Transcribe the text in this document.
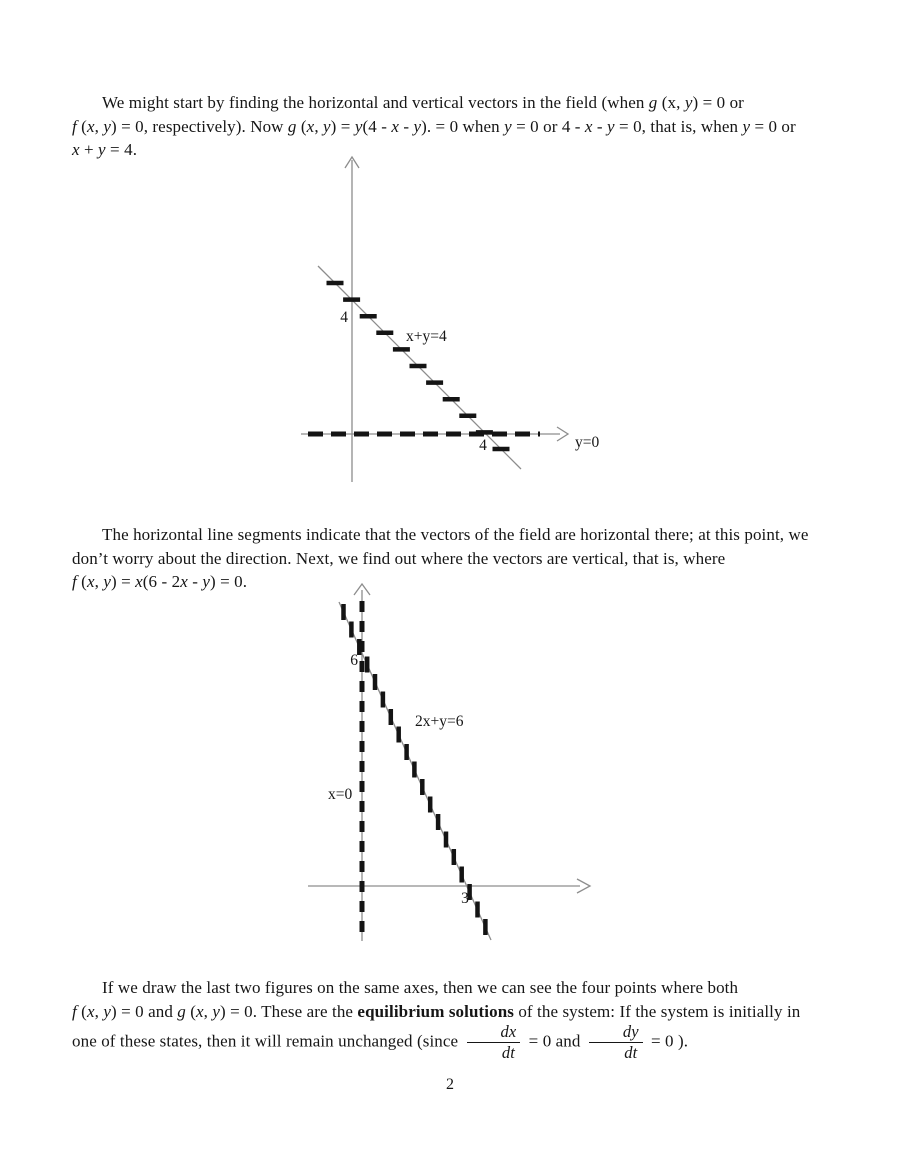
We might start by finding the horizontal and vertical vectors in the field (when g (x, y) = 0 or
f (x, y) = 0, respectively). Now g (x, y) = y(4 - x - y). = 0 when y = 0 or 4 - x - y = 0, that is, when y = 0 or
x + y = 4.

4
x+y=4
y=0
4

The horizontal line segments indicate that the vectors of the field are horizontal there; at this point, we
don’t worry about the direction. Next, we find out where the vectors are vertical, that is, where
f (x, y) = x(6 - 2x - y) = 0.

6
2x+y=6
x=0
3

If we draw the last two figures on the same axes, then we can see the four points where both
f (x, y) = 0 and g (x, y) = 0. These are the equilibrium solutions of the system: If the system is initially in
one of these states, then it will remain unchanged (since $\frac{dx}{dt} = 0$ and $\frac{dy}{dt} = 0$ ).

2
